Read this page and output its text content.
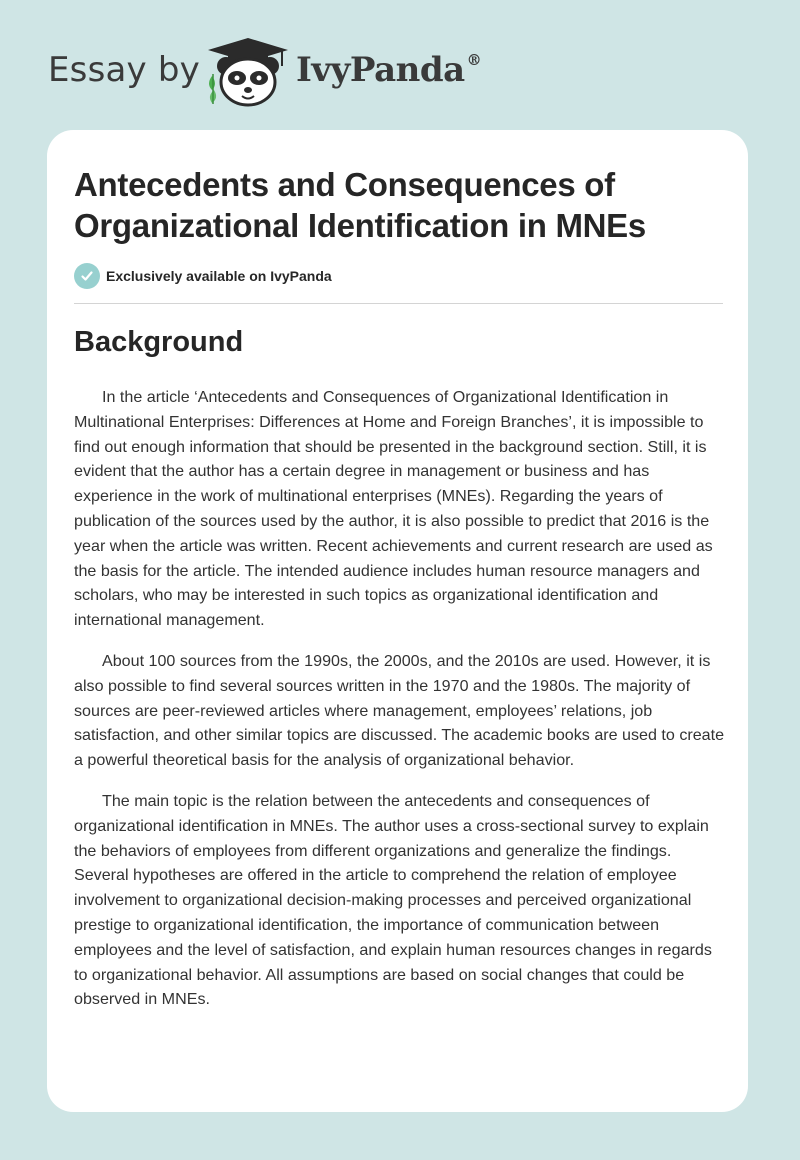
Essay by	IvyPanda ®
Antecedents and Consequences of Organizational Identification in MNEs
Exclusively available on IvyPanda
Background

In the article ‘Antecedents and Consequences of Organizational Identification in Multinational Enterprises: Differences at Home and Foreign Branches’, it is impossible to find out enough information that should be presented in the background section. Still, it is evident that the author has a certain degree in management or business and has experience in the work of multinational enterprises (MNEs). Regarding the years of publication of the sources used by the author, it is also possible to predict that 2016 is the year when the article was written. Recent achievements and current research are used as the basis for the article. The intended audience includes human resource managers and scholars, who may be interested in such topics as organizational identification and international management.

About 100 sources from the 1990s, the 2000s, and the 2010s are used. However, it is also possible to find several sources written in the 1970 and the 1980s. The majority of sources are peer-reviewed articles where management, employees’ relations, job satisfaction, and other similar topics are discussed. The academic books are used to create a powerful theoretical basis for the analysis of organizational behavior.

The main topic is the relation between the antecedents and consequences of organizational identification in MNEs. The author uses a cross-sectional survey to explain the behaviors of employees from different organizations and generalize the findings. Several hypotheses are offered in the article to comprehend the relation of employee involvement to organizational decision-making processes and perceived organizational prestige to organizational identification, the importance of communication between employees and the level of satisfaction, and explain human resources changes in regards to organizational behavior. All assumptions are based on social changes that could be observed in MNEs.
